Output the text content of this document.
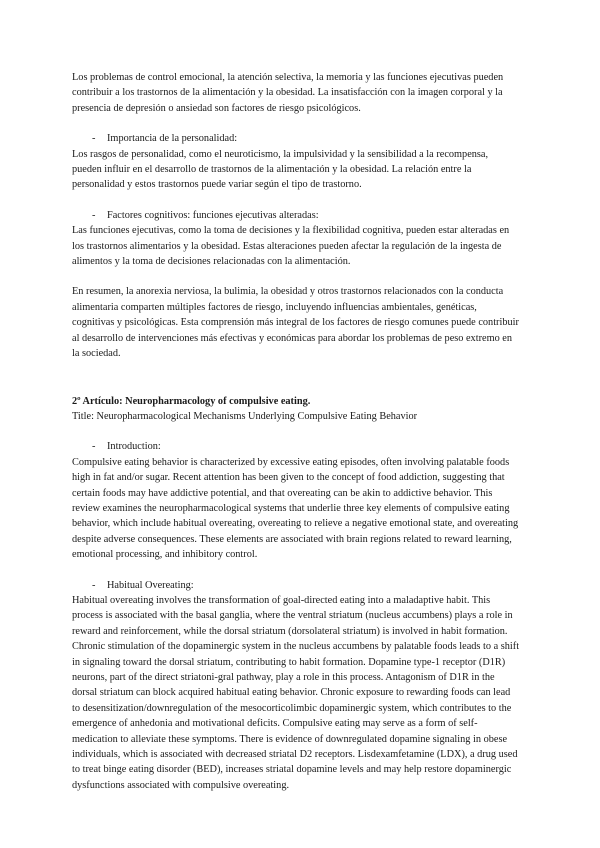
Los problemas de control emocional, la atención selectiva, la memoria y las funciones ejecutivas pueden contribuir a los trastornos de la alimentación y la obesidad. La insatisfacción con la imagen corporal y la presencia de depresión o ansiedad son factores de riesgo psicológicos.

- Importancia de la personalidad:

Los rasgos de personalidad, como el neuroticismo, la impulsividad y la sensibilidad a la recompensa, pueden influir en el desarrollo de trastornos de la alimentación y la obesidad. La relación entre la personalidad y estos trastornos puede variar según el tipo de trastorno.

- Factores cognitivos: funciones ejecutivas alteradas:

Las funciones ejecutivas, como la toma de decisiones y la flexibilidad cognitiva, pueden estar alteradas en los trastornos alimentarios y la obesidad. Estas alteraciones pueden afectar la regulación de la ingesta de alimentos y la toma de decisiones relacionadas con la alimentación.

En resumen, la anorexia nerviosa, la bulimia, la obesidad y otros trastornos relacionados con la conducta alimentaria comparten múltiples factores de riesgo, incluyendo influencias ambientales, genéticas, cognitivas y psicológicas. Esta comprensión más integral de los factores de riesgo comunes puede contribuir al desarrollo de intervenciones más efectivas y económicas para abordar los problemas de peso extremo en la sociedad.

2º Artículo: Neuropharmacology of compulsive eating.

Title: Neuropharmacological Mechanisms Underlying Compulsive Eating Behavior

- Introduction:

Compulsive eating behavior is characterized by excessive eating episodes, often involving palatable foods high in fat and/or sugar. Recent attention has been given to the concept of food addiction, suggesting that certain foods may have addictive potential, and that overeating can be akin to addictive behavior. This review examines the neuropharmacological systems that underlie three key elements of compulsive eating behavior, which include habitual overeating, overeating to relieve a negative emotional state, and overeating despite adverse consequences. These elements are associated with brain regions related to reward learning, emotional processing, and inhibitory control.

- Habitual Overeating:

Habitual overeating involves the transformation of goal-directed eating into a maladaptive habit. This process is associated with the basal ganglia, where the ventral striatum (nucleus accumbens) plays a role in reward and reinforcement, while the dorsal striatum (dorsolateral striatum) is involved in habit formation. Chronic stimulation of the dopaminergic system in the nucleus accumbens by palatable foods leads to a shift in signaling toward the dorsal striatum, contributing to habit formation. Dopamine type-1 receptor (D1R) neurons, part of the direct striatoni-gral pathway, play a role in this process. Antagonism of D1R in the dorsal striatum can block acquired habitual eating behavior. Chronic exposure to rewarding foods can lead to desensitization/downregulation of the mesocorticolimbic dopaminergic system, which contributes to the emergence of anhedonia and motivational deficits. Compulsive eating may serve as a form of self-medication to alleviate these symptoms. There is evidence of downregulated dopamine signaling in obese individuals, which is associated with decreased striatal D2 receptors. Lisdexamfetamine (LDX), a drug used to treat binge eating disorder (BED), increases striatal dopamine levels and may help restore dopaminergic dysfunctions associated with compulsive overeating.
